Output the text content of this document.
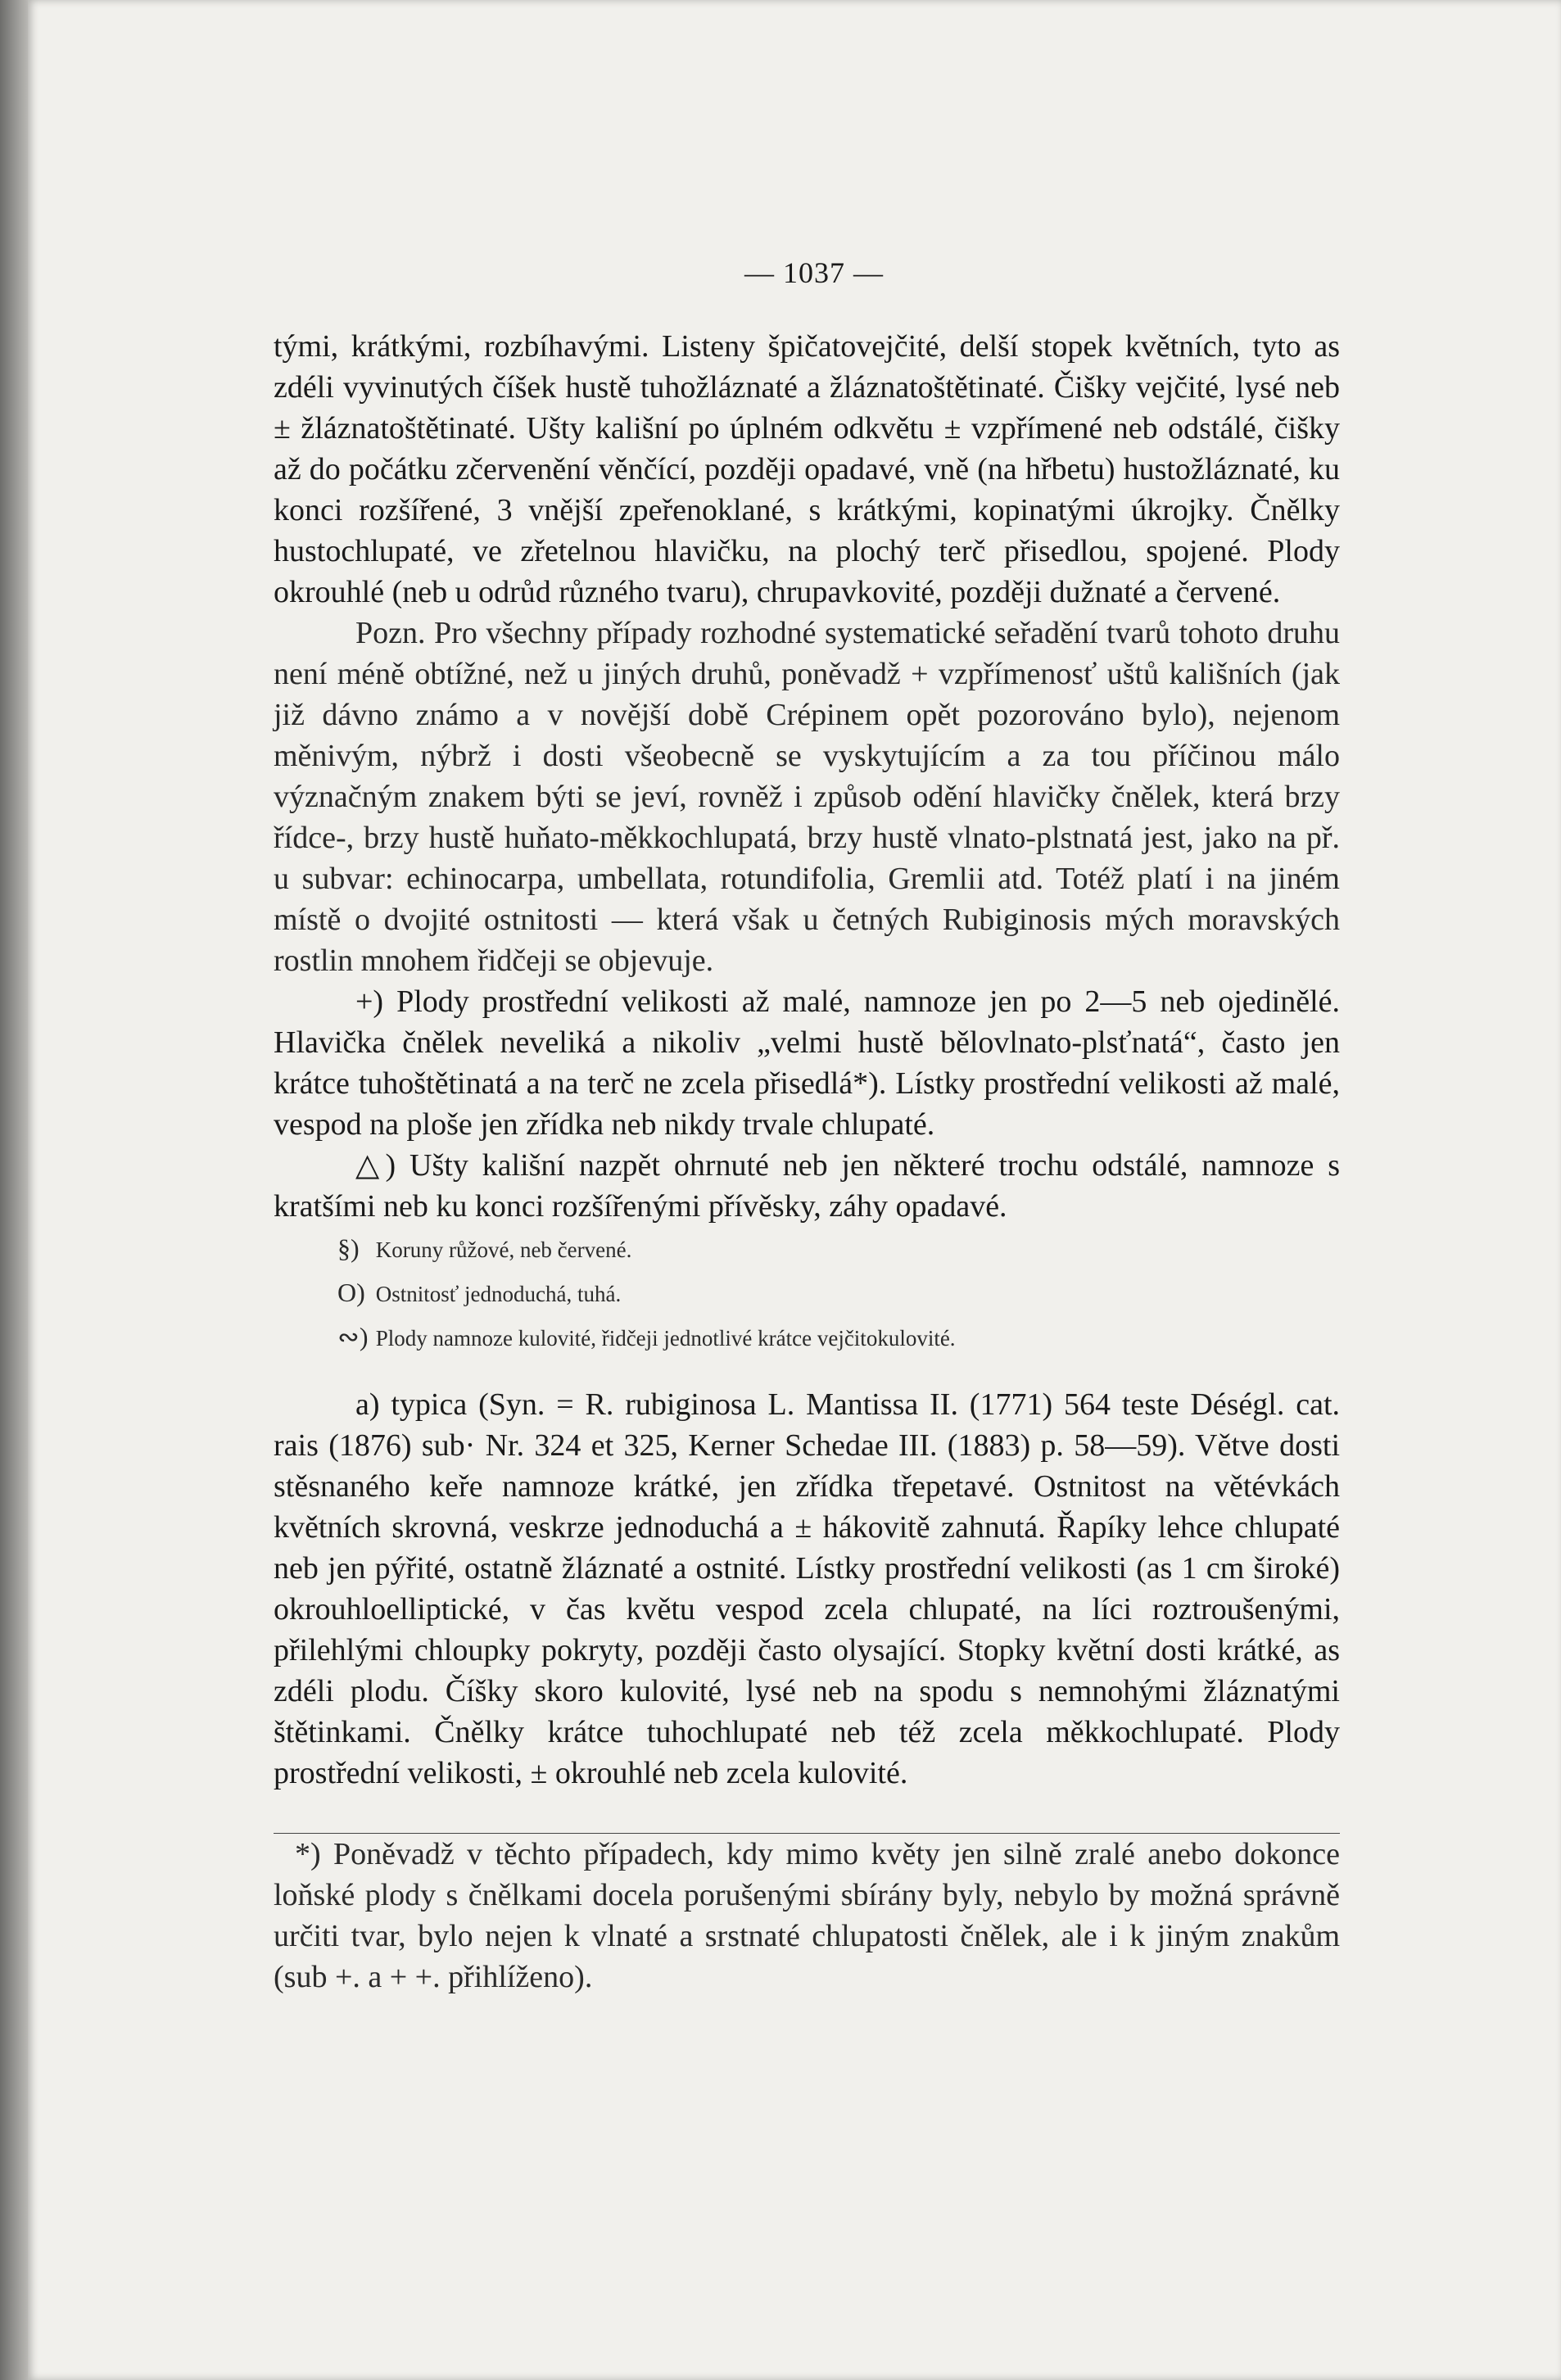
— 1037 —

tými, krátkými, rozbíhavými. Listeny špičatovejčité, delší stopek květních, tyto as zdéli vyvinutých číšek hustě tuhožláznaté a žláznatoštětinaté. Čišky vejčité, lysé neb ± žláznatoštětinaté. Ušty kališní po úplném odkvětu ± vzpřímené neb odstálé, čišky až do počátku zčervenění věnčící, později opadavé, vně (na hřbetu) hustožláznaté, ku konci rozšířené, 3 vnější zpeřenoklané, s krátkými, kopinatými úkrojky. Čnělky hustochlupaté, ve zřetelnou hlavičku, na plochý terč přisedlou, spojené. Plody okrouhlé (neb u odrůd různého tvaru), chrupavkovité, později dužnaté a červené.

Pozn. Pro všechny případy rozhodné systematické seřadění tvarů tohoto druhu není méně obtížné, než u jiných druhů, poněvadž + vzpřímenosť uštů kališních (jak již dávno známo a v novější době Crépinem opět pozorováno bylo), nejenom měnivým, nýbrž i dosti všeobecně se vyskytujícím a za tou příčinou málo význačným znakem býti se jeví, rovněž i způsob odění hlavičky čnělek, která brzy řídce-, brzy hustě huňato-měkkochlupatá, brzy hustě vlnato-plstnatá jest, jako na př. u subvar: echinocarpa, umbellata, rotundifolia, Gremlii atd. Totéž platí i na jiném místě o dvojité ostnitosti — která však u četných Rubiginosis mých moravských rostlin mnohem řidčeji se objevuje.

+) Plody prostřední velikosti až malé, namnoze jen po 2—5 neb ojedinělé. Hlavička čnělek neveliká a nikoliv „velmi hustě bělovlnato-plsťnatá“, často jen krátce tuhoštětinatá a na terč ne zcela přisedlá*). Lístky prostřední velikosti až malé, vespod na ploše jen zřídka neb nikdy trvale chlupaté.

△) Ušty kališní nazpět ohrnuté neb jen některé trochu odstálé, namnoze s kratšími neb ku konci rozšířenými přívěsky, záhy opadavé.

§) Koruny růžové, neb červené.
O) Ostnitosť jednoduchá, tuhá.
∾) Plody namnoze kulovité, řidčeji jednotlivé krátce vejčitokulovité.

a) typica (Syn. = R. rubiginosa L. Mantissa II. (1771) 564 teste Déségl. cat. rais (1876) sub· Nr. 324 et 325, Kerner Schedae III. (1883) p. 58—59). Větve dosti stěsnaného keře namnoze krátké, jen zřídka třepetavé. Ostnitost na větévkách květních skrovná, veskrze jednoduchá a ± hákovitě zahnutá. Řapíky lehce chlupaté neb jen pýřité, ostatně žláznaté a ostnité. Lístky prostřední velikosti (as 1 cm široké) okrouhloelliptické, v čas květu vespod zcela chlupaté, na líci roztroušenými, přilehlými chloupky pokryty, později často olysající. Stopky květní dosti krátké, as zdéli plodu. Číšky skoro kulovité, lysé neb na spodu s nemnohými žláznatými štětinkami. Čnělky krátce tuhochlupaté neb též zcela měkkochlupaté. Plody prostřední velikosti, ± okrouhlé neb zcela kulovité.

*) Poněvadž v těchto případech, kdy mimo květy jen silně zralé anebo dokonce loňské plody s čnělkami docela porušenými sbírány byly, nebylo by možná správně určiti tvar, bylo nejen k vlnaté a srstnaté chlupatosti čnělek, ale i k jiným znakům (sub +. a + +. přihlíženo).
